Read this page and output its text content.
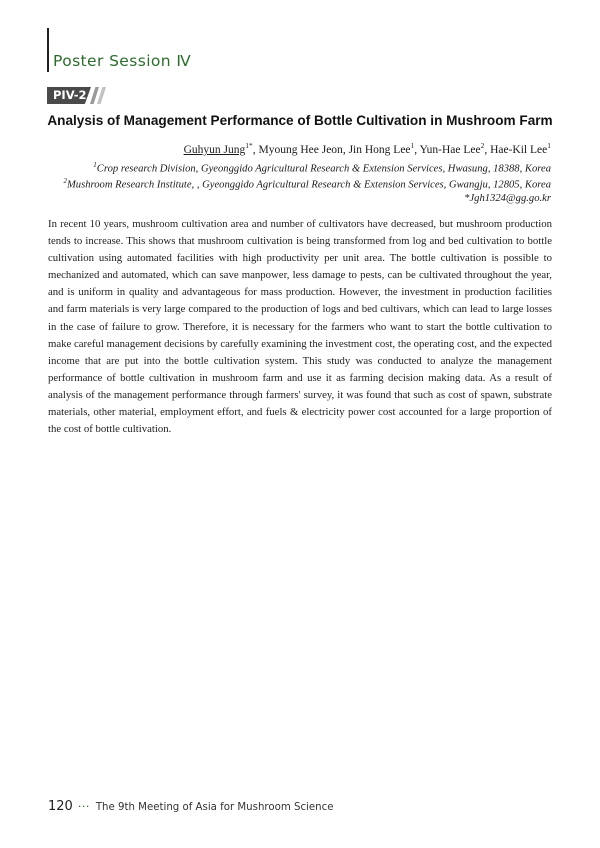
Poster Session Ⅳ
PIV-2
Analysis of Management Performance of Bottle Cultivation in Mushroom Farm
Guhyun Jung$^{1*}$, Myoung Hee Jeon, Jin Hong Lee$^1$, Yun-Hae Lee$^2$, Hae-Kil Lee$^1$
$^1$Crop research Division, Gyeonggido Agricultural Research & Extension Services, Hwasung, 18388, Korea
$^2$Mushroom Research Institute, , Gyeonggido Agricultural Research & Extension Services, Gwangju, 12805, Korea
*Jgh1324@gg.go.kr

In recent 10 years, mushroom cultivation area and number of cultivators have decreased, but mushroom production tends to increase. This shows that mushroom cultivation is being transformed from log and bed cultivation to bottle cultivation using automated facilities with high productivity per unit area. The bottle cultivation is possible to mechanized and automated, which can save manpower, less damage to pests, can be cultivated throughout the year, and is uniform in quality and advantageous for mass production. However, the investment in production facilities and farm materials is very large compared to the production of logs and bed cultivars, which can lead to large losses in the case of failure to grow. Therefore, it is necessary for the farmers who want to start the bottle cultivation to make careful management decisions by carefully examining the investment cost, the operating cost, and the expected income that are put into the bottle cultivation system. This study was conducted to analyze the management performance of bottle cultivation in mushroom farm and use it as farming decision making data. As a result of analysis of the management performance through farmers' survey, it was found that such as cost of spawn, substrate materials, other material, employment effort, and fuels & electricity power cost accounted for a large proportion of the cost of bottle cultivation.

120 ··· The 9th Meeting of Asia for Mushroom Science
